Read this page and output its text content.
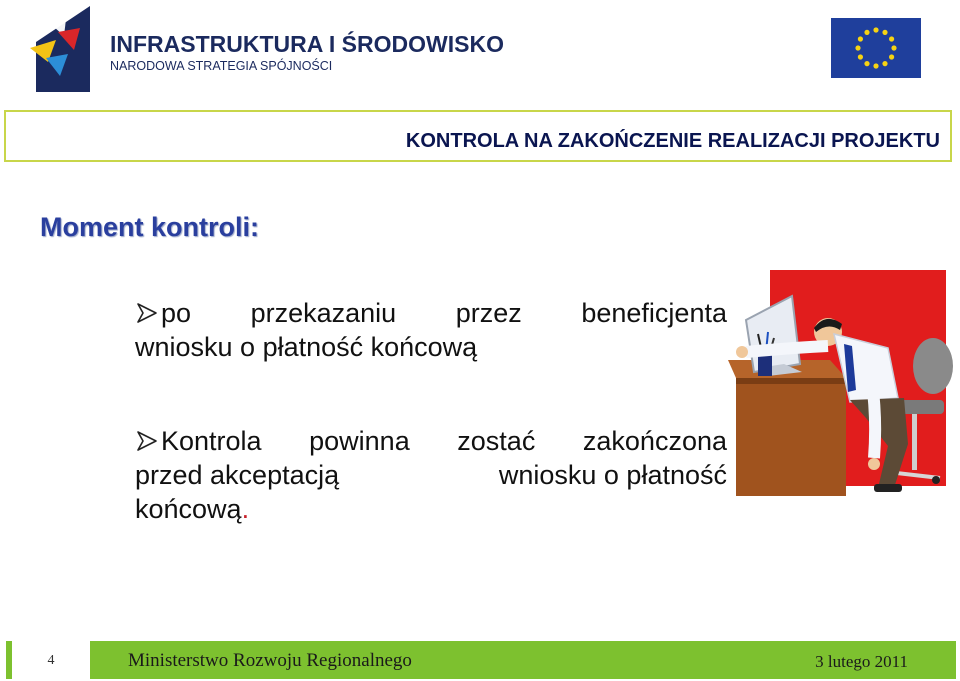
INFRASTRUKTURA I ŚRODOWISKO
NARODOWA STRATEGIA SPÓJNOŚCI
KONTROLA NA ZAKOŃCZENIE REALIZACJI PROJEKTU
Moment kontroli:
po przekazaniu przez beneficjenta
wniosku o płatność końcową
Kontrola powinna zostać zakończona
przed akceptacją	wniosku o płatność
końcową .
4	Ministerstwo Rozwoju Regionalnego	3 lutego 2011
